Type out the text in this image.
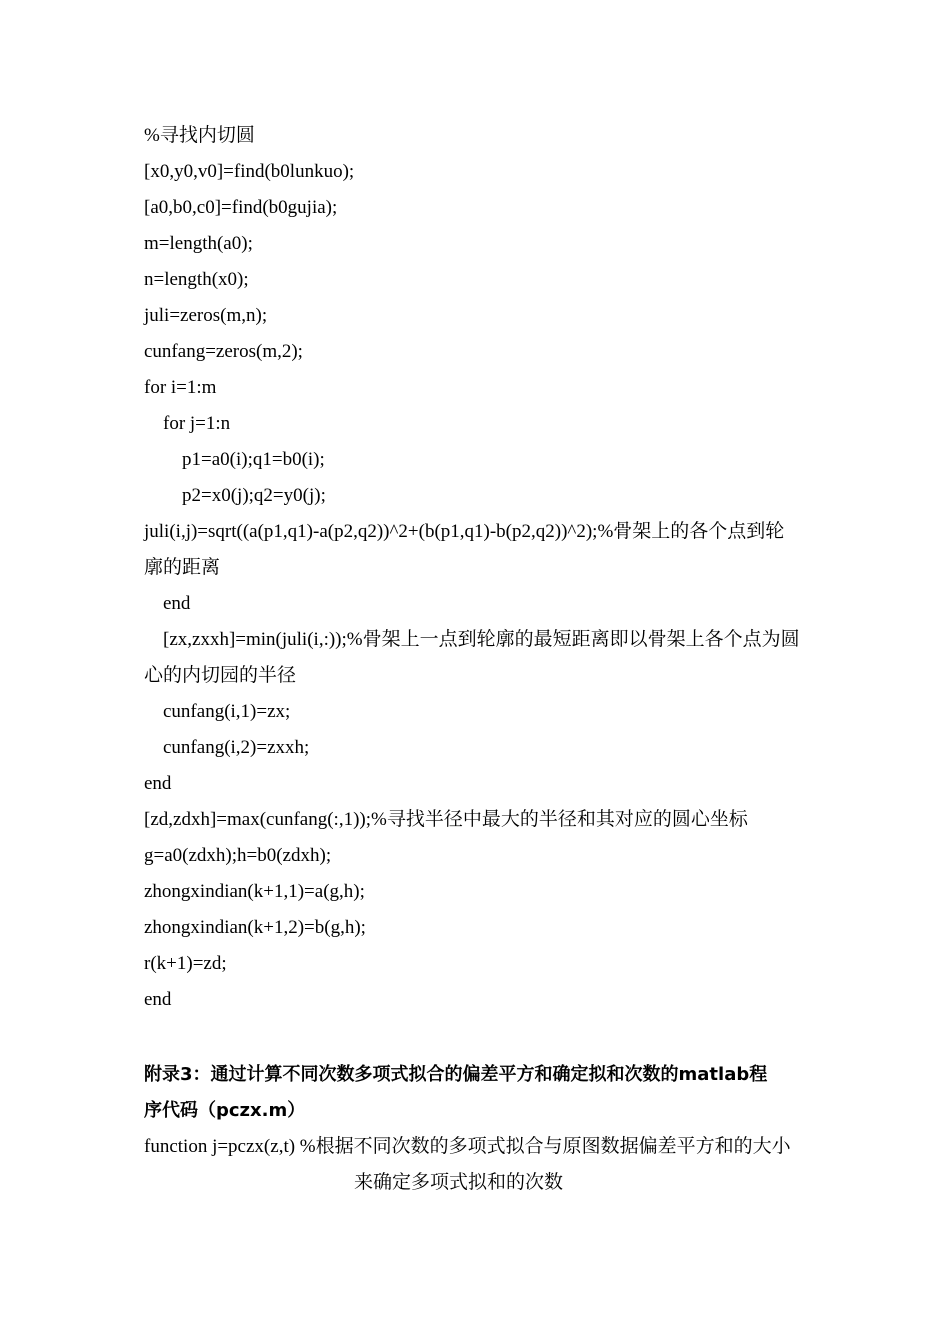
%寻找内切圆
[x0,y0,v0]=find(b0lunkuo);
[a0,b0,c0]=find(b0gujia);
m=length(a0);
n=length(x0);
juli=zeros(m,n);
cunfang=zeros(m,2);
for i=1:m
for j=1:n
p1=a0(i);q1=b0(i);
p2=x0(j);q2=y0(j);
juli(i,j)=sqrt((a(p1,q1)-a(p2,q2))^2+(b(p1,q1)-b(p2,q2))^2);%骨架上的各个点到轮
廓的距离
end
[zx,zxxh]=min(juli(i,:));%骨架上一点到轮廓的最短距离即以骨架上各个点为圆
心的内切园的半径
cunfang(i,1)=zx;
cunfang(i,2)=zxxh;
end
[zd,zdxh]=max(cunfang(:,1));%寻找半径中最大的半径和其对应的圆心坐标
g=a0(zdxh);h=b0(zdxh);
zhongxindian(k+1,1)=a(g,h);
zhongxindian(k+1,2)=b(g,h);
r(k+1)=zd;
end
附录3：通过计算不同次数多项式拟合的偏差平方和确定拟和次数的matlab程
序代码（pczx.m）
function j=pczx(z,t) %根据不同次数的多项式拟合与原图数据偏差平方和的大小
来确定多项式拟和的次数
